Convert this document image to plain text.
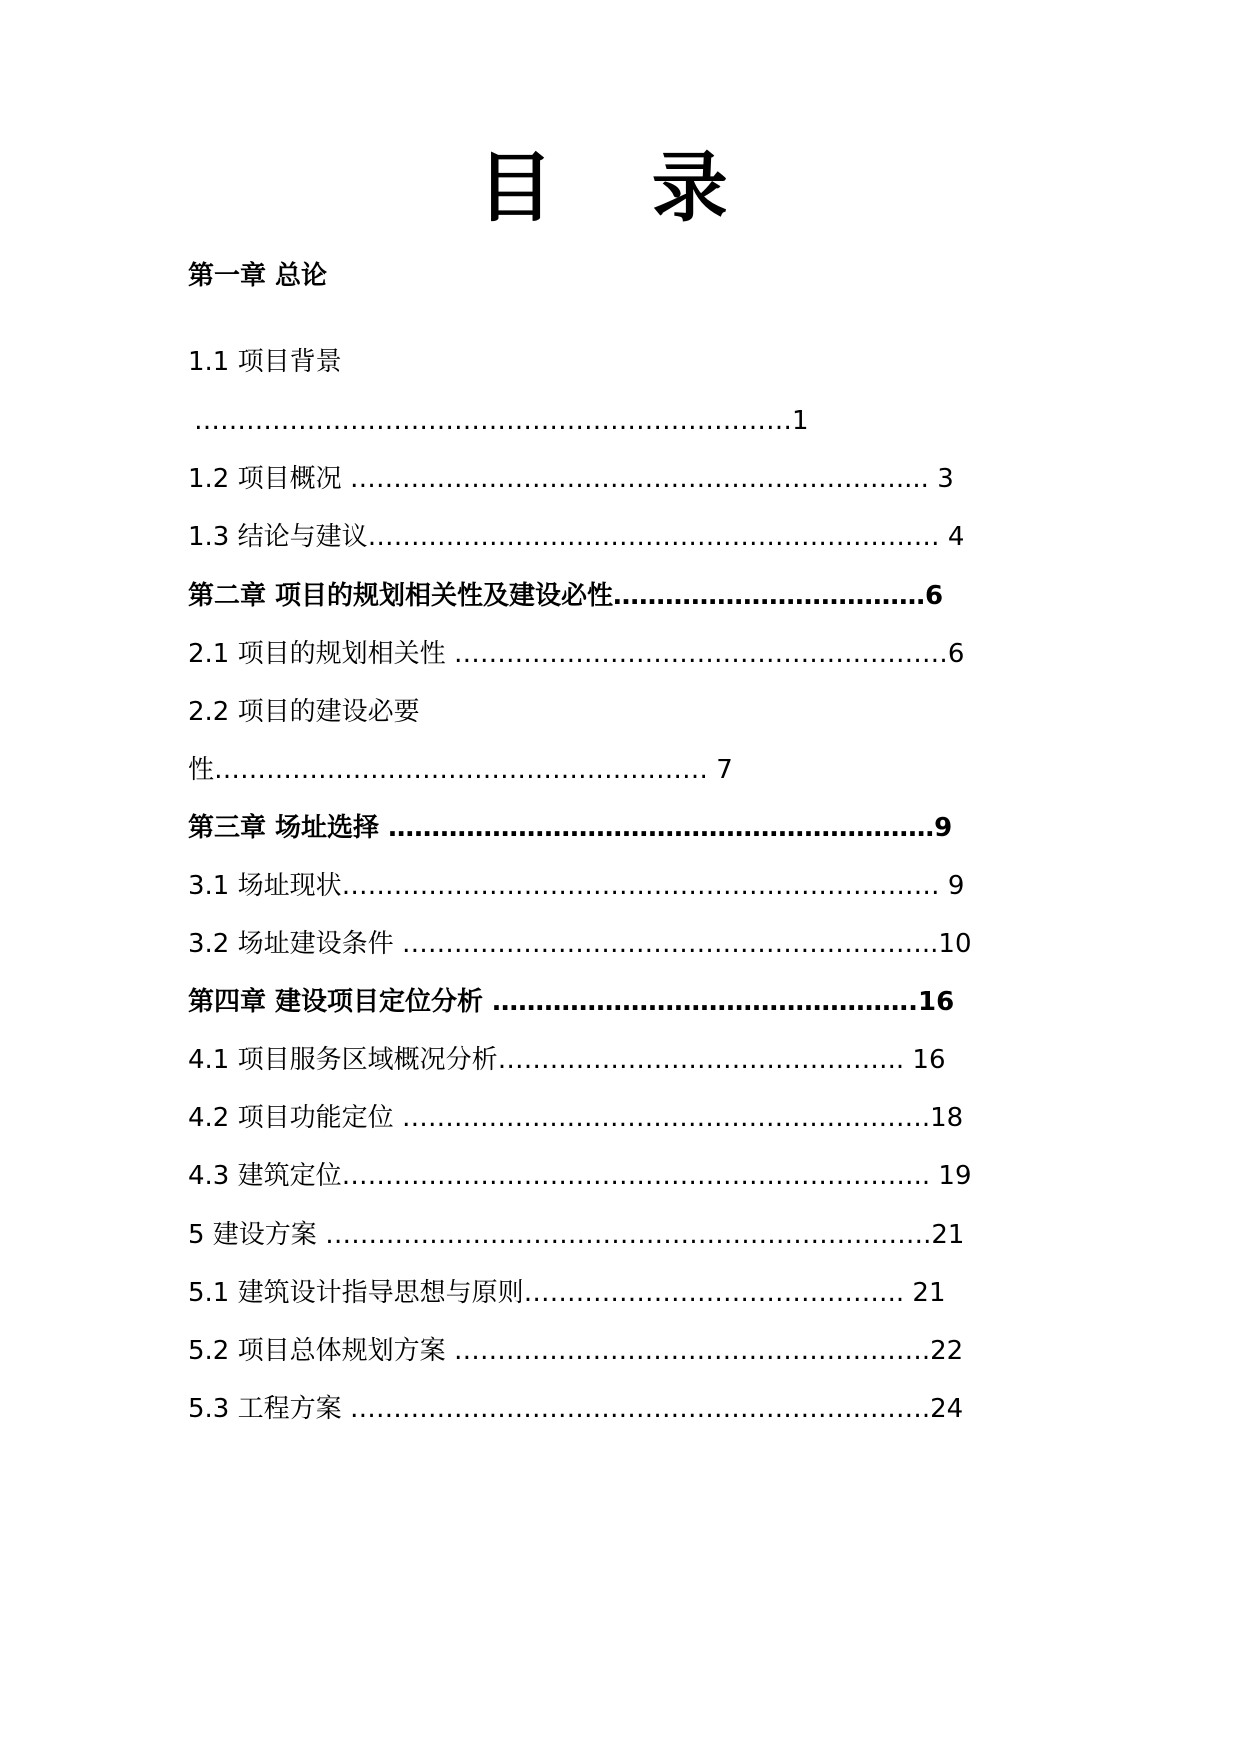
目 录
第一章 总论
1.1 项目背景
……………………………………………………………1
1.2 项目概况 ……………………………………………………….... 3
1.3 结论与建议………………………………………………………… 4
第二章 项目的规划相关性及建设必性………………………………6
2.1 项目的规划相关性 …………………………………………………6
2.2 项目的建设必要
性………………………………………………… 7
第三章 场址选择 ………………………………………………………9
3.1 场址现状…………………………………………………………… 9
3.2 场址建设条件 ……………………………………………………..10
第四章 建设项目定位分析 ………………………………………….16
4.1 项目服务区域概况分析……………………………………….. 16
4.2 项目功能定位 …………………………………………………….18
4.3 建筑定位………………………………………………………….. 19
5 建设方案 …………………………………………………………….21
5.1 建筑设计指导思想与原则…………………………………….. 21
5.2 项目总体规划方案 ……………………………………………….22
5.3 工程方案 ………………………………………………………….24
